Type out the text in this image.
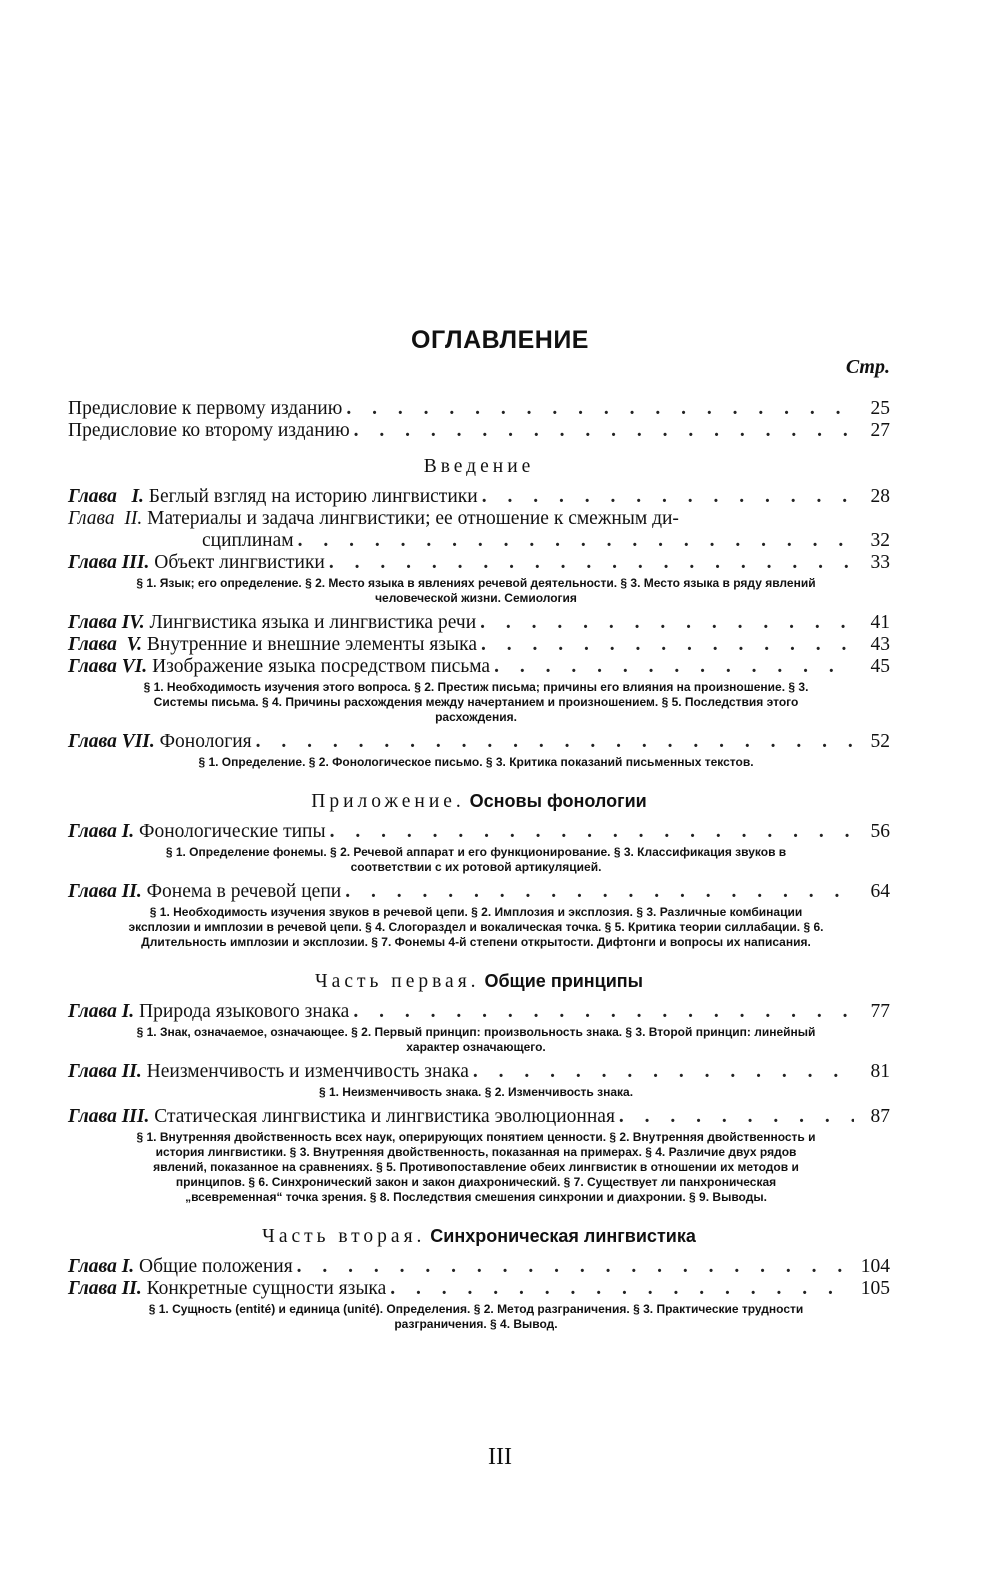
ОГЛАВЛЕНИЕ
Стр.
Предисловие к первому изданию . . .	25
Предисловие ко второму изданию . . .	27
Введение
Глава I. Беглый взгляд на историю лингвистики . . .	28
Глава II. Материалы и задача лингвистики; ее отношение к смежным ди-
сциплинам . . .	32
Глава III. Объект лингвистики . . .	33
§ 1. Язык; его определение. § 2. Место языка в явлениях речевой деятельности. § 3. Место языка в ряду явлений человеческой жизни. Семиология
Глава IV. Лингвистика языка и лингвистика речи . . .	41
Глава V. Внутренние и внешние элементы языка . . .	43
Глава VI. Изображение языка посредством письма . . .	45
§ 1. Необходимость изучения этого вопроса. § 2. Престиж письма; причины его влияния на произношение. § 3. Системы письма. § 4. Причины расхождения между начертанием и произношением. § 5. Последствия этого расхождения.
Глава VII. Фонология . . .	52
§ 1. Определение. § 2. Фонологическое письмо. § 3. Критика показаний письменных текстов.
Приложение. Основы фонологии
Глава I. Фонологические типы . . .	56
§ 1. Определение фонемы. § 2. Речевой аппарат и его функционирование. § 3. Классификация звуков в соответствии с их ротовой артикуляцией.
Глава II. Фонема в речевой цепи . . .	64
§ 1. Необходимость изучения звуков в речевой цепи. § 2. Имплозия и эксплозия. § 3. Различные комбинации эксплозии и имплозии в речевой цепи. § 4. Слогораздел и вокалическая точка. § 5. Критика теории силлабации. § 6. Длительность имплозии и эксплозии. § 7. Фонемы 4-й степени открытости. Дифтонги и вопросы их написания.
Часть первая. Общие принципы
Глава I. Природа языкового знака . . .	77
§ 1. Знак, означаемое, означающее. § 2. Первый принцип: произвольность знака. § 3. Второй принцип: линейный характер означающего.
Глава II. Неизменчивость и изменчивость знака . . .	81
§ 1. Неизменчивость знака. § 2. Изменчивость знака.
Глава III. Статическая лингвистика и лингвистика эволюционная . . .	87
§ 1. Внутренняя двойственность всех наук, оперирующих понятием ценности. § 2. Внутренняя двойственность и история лингвистики. § 3. Внутренняя двойственность, показанная на примерах. § 4. Различие двух рядов явлений, показанное на сравнениях. § 5. Противопоставление обеих лингвистик в отношении их методов и принципов. § 6. Синхронический закон и закон диахронический. § 7. Существует ли панхроническая „всевременная“ точка зрения. § 8. Последствия смешения синхронии и диахронии. § 9. Выводы.
Часть вторая. Синхроническая лингвистика
Глава I. Общие положения . . .	104
Глава II. Конкретные сущности языка . . .	105
§ 1. Сущность (entité) и единица (unité). Определения. § 2. Метод разграничения. § 3. Практические трудности разграничения. § 4. Вывод.
III
